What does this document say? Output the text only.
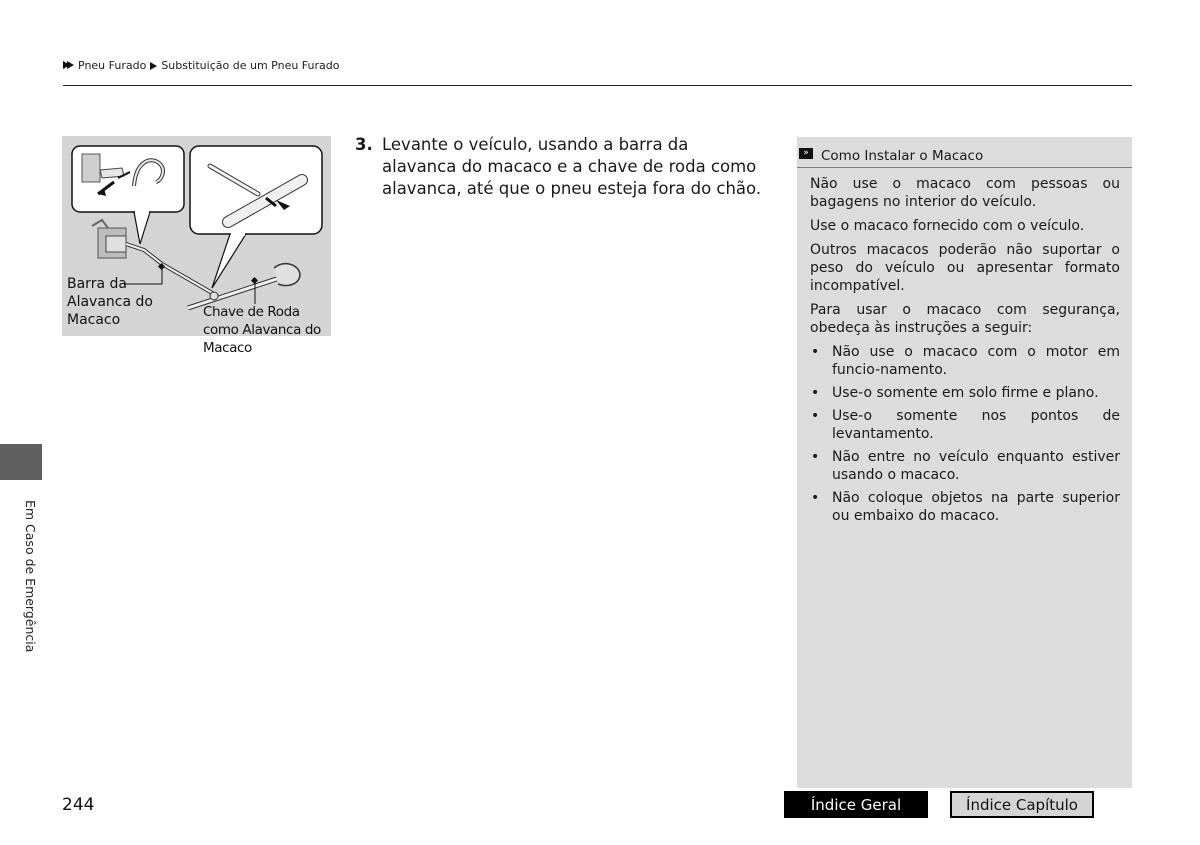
Pneu Furado Substituição de um Pneu Furado
Em Caso de Emergência
Barra da Alavanca do Macaco	Chave de Roda como Alavanca do Macaco
3. Levante o veículo, usando a barra da alavanca do macaco e a chave de roda como alavanca, até que o pneu esteja fora do chão.
» Como Instalar o Macaco

Não use o macaco com pessoas ou bagagens no interior do veículo.

Use o macaco fornecido com o veículo.

Outros macacos poderão não suportar o peso do veículo ou apresentar formato incompatível.

Para usar o macaco com segurança, obedeça às instruções a seguir:

• Não use o macaco com o motor em funcio-namento.
• Use-o somente em solo firme e plano.
• Use-o somente nos pontos de levantamento.
• Não entre no veículo enquanto estiver usando o macaco.
• Não coloque objetos na parte superior ou embaixo do macaco.
244	Índice Geral	Índice Capítulo
